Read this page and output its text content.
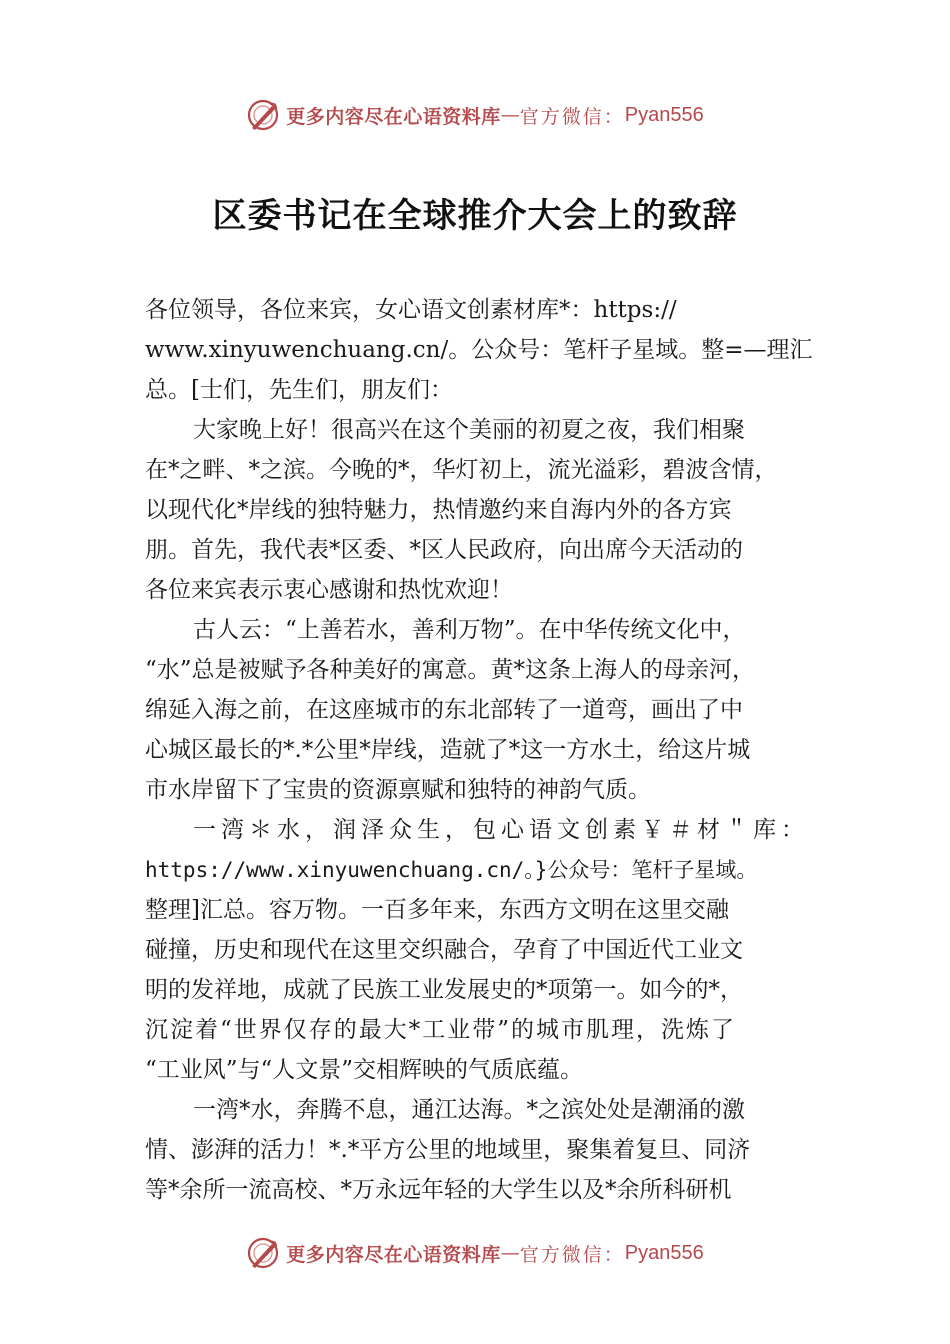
更多内容尽在心语资料库 — 官方微信： Pyan556
区委书记在全球推介大会上的致辞
各位领导，各位来宾，女心语文创素材库*：https://
www.xinyuwenchuang.cn/。公众号：笔杆子星域。整=—理汇
总。[士们，先生们，朋友们：
大家晚上好！很高兴在这个美丽的初夏之夜，我们相聚
在*之畔、*之滨。今晚的*，华灯初上，流光溢彩，碧波含情，
以现代化*岸线的独特魅力，热情邀约来自海内外的各方宾
朋。首先，我代表*区委、*区人民政府，向出席今天活动的
各位来宾表示衷心感谢和热忱欢迎！
古人云：“上善若水，善利万物”。在中华传统文化中，
“水”总是被赋予各种美好的寓意。黄*这条上海人的母亲河，
绵延入海之前，在这座城市的东北部转了一道弯，画出了中
心城区最长的*.*公里*岸线，造就了*这一方水土，给这片城
市水岸留下了宝贵的资源禀赋和独特的神韵气质。
一湾＊水，润泽众生，包心语文创素￥＃材＂库：
https://www.xinyuwenchuang.cn/。}公众号：笔杆子星域。
整理]汇总。容万物。一百多年来，东西方文明在这里交融
碰撞，历史和现代在这里交织融合，孕育了中国近代工业文
明的发祥地，成就了民族工业发展史的*项第一。如今的*，
沉淀着“世界仅存的最大*工业带”的城市肌理，洗炼了
“工业风”与“人文景”交相辉映的气质底蕴。
一湾*水，奔腾不息，通江达海。*之滨处处是潮涌的激
情、澎湃的活力！*.*平方公里的地域里，聚集着复旦、同济
等*余所一流高校、*万永远年轻的大学生以及*余所科研机
更多内容尽在心语资料库 — 官方微信： Pyan556
